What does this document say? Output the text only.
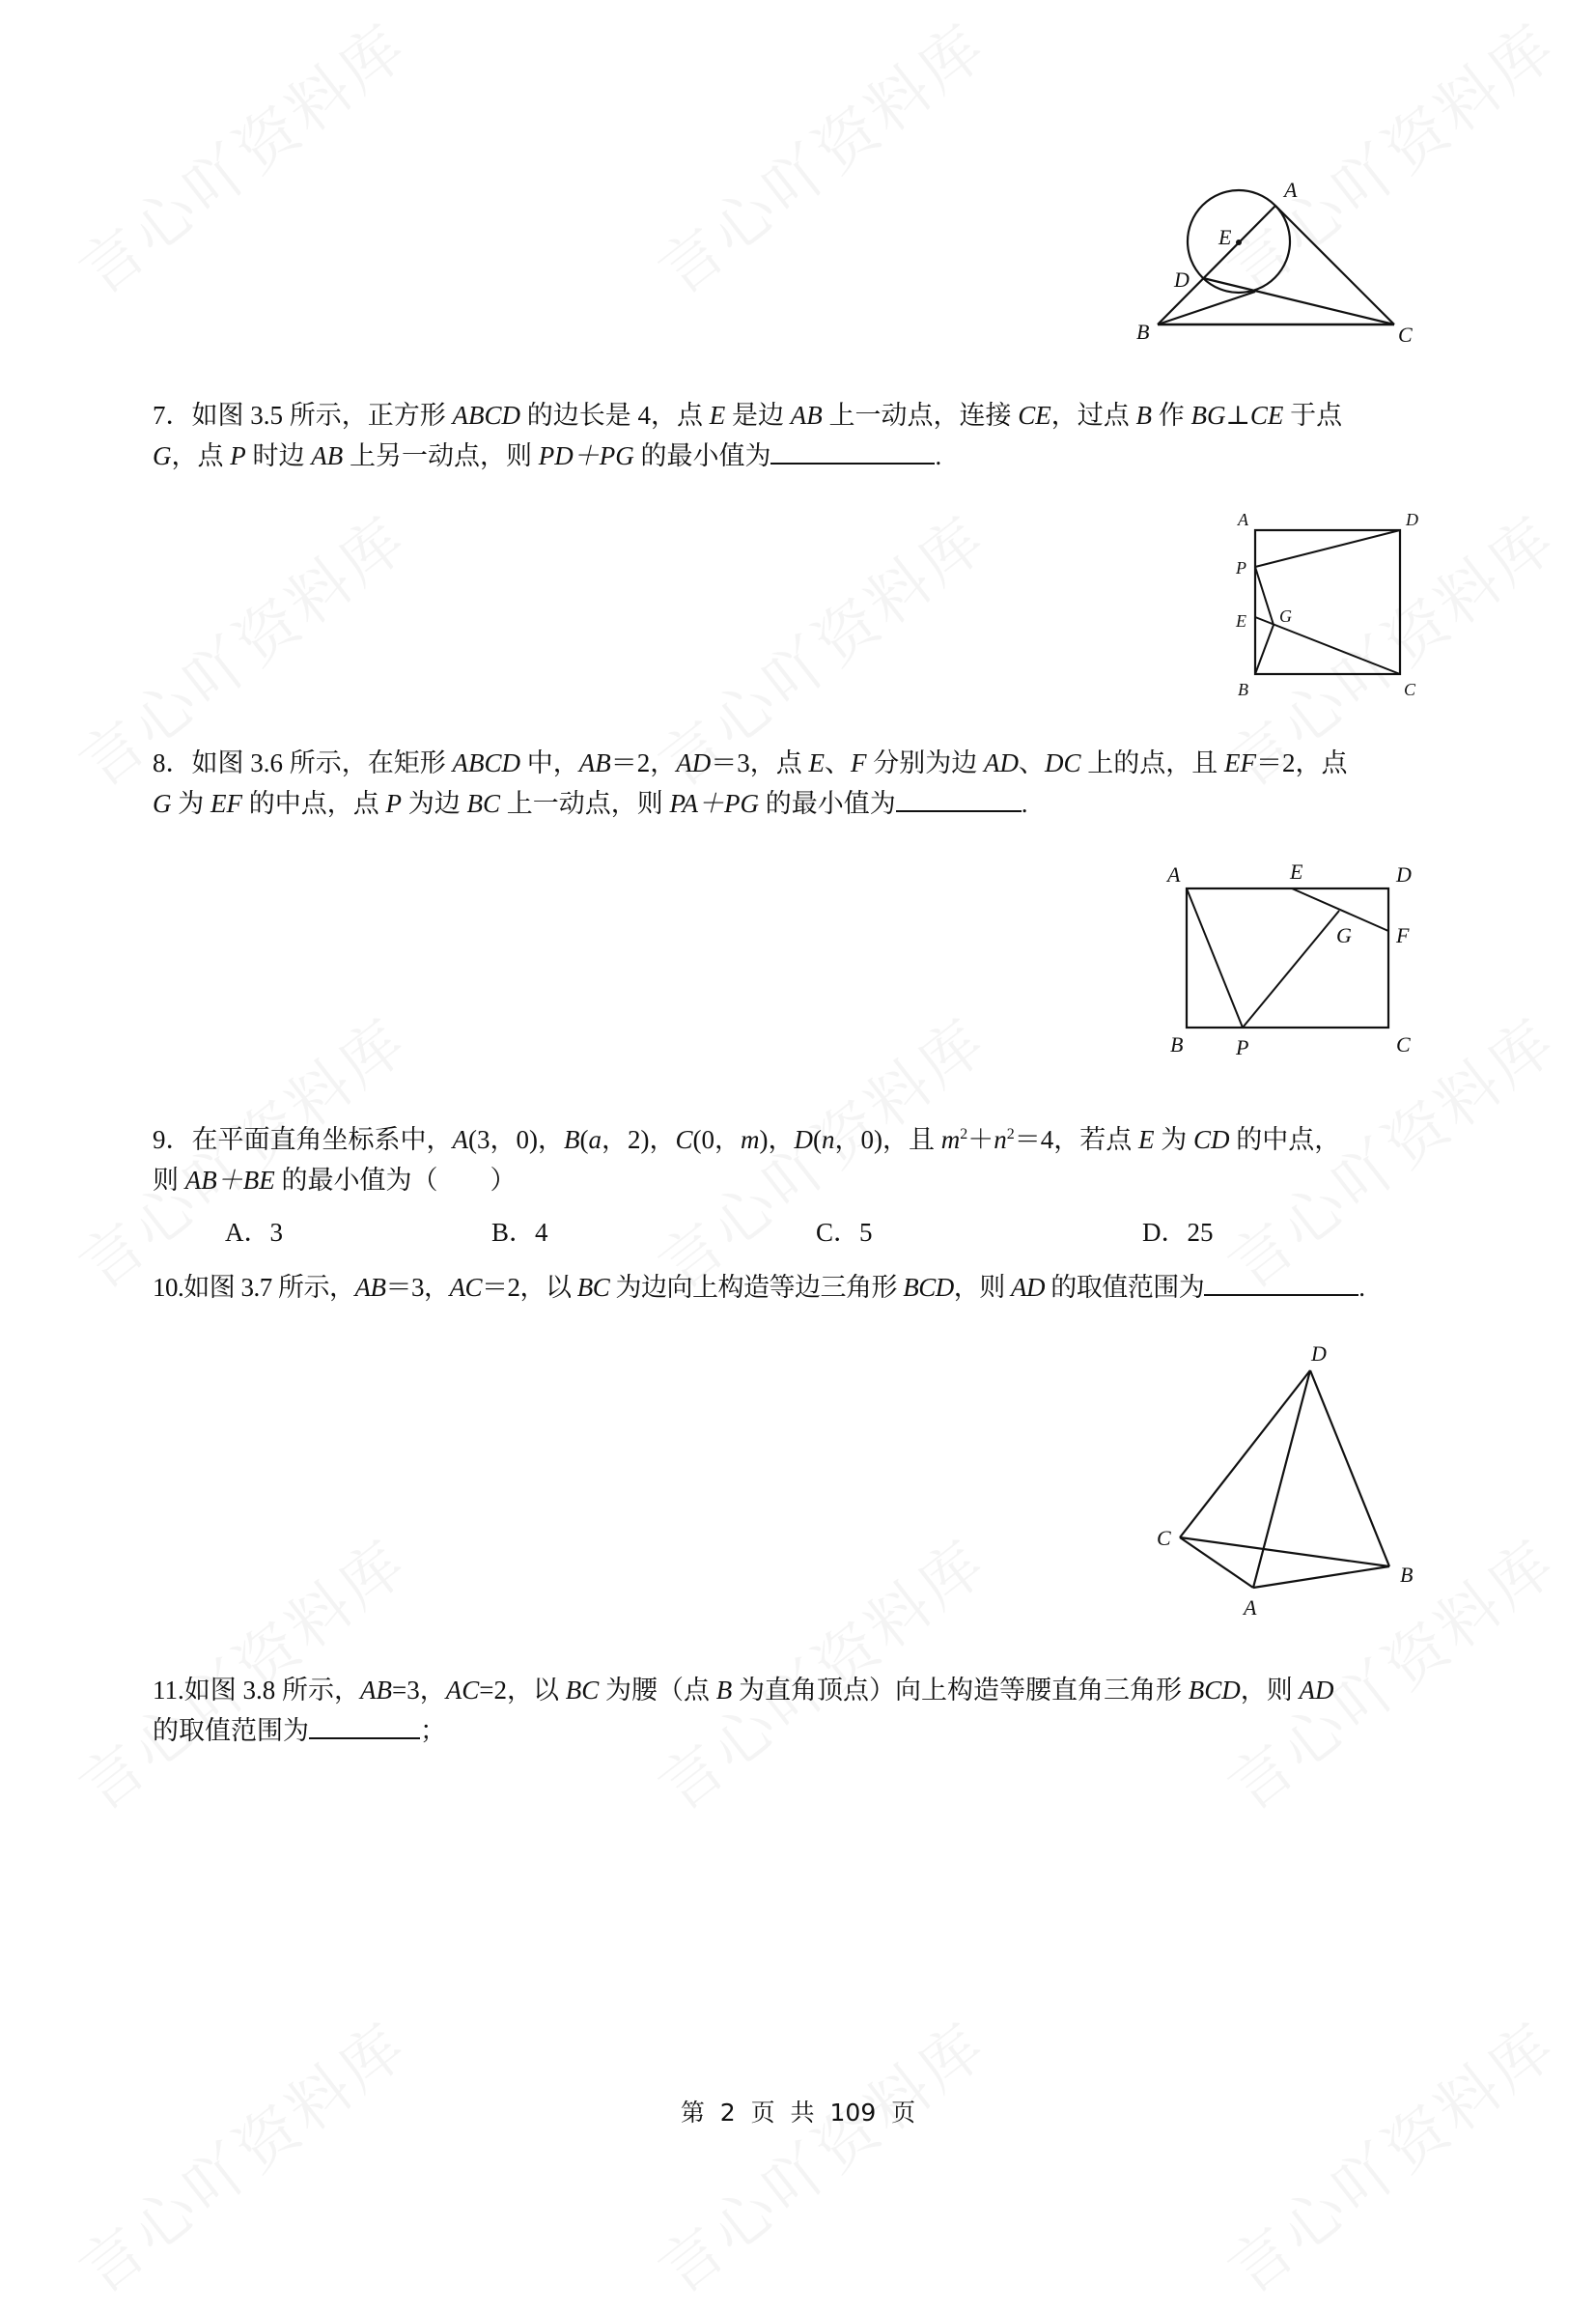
A
E
D
B	C
7．如图 3.5 所示，正方形 ABCD 的边长是 4，点 E 是边 AB 上一动点，连接 CE，过点 B 作 BG⊥CE 于点
G，点 P 时边 AB 上另一动点，则 PD＋PG 的最小值为	.
A	D
P
E G
B	C
8．如图 3.6 所示，在矩形 ABCD 中，AB＝2，AD＝3，点 E、F 分别为边 AD、DC 上的点，且 EF＝2，点
G 为 EF 的中点，点 P 为边 BC 上一动点，则 PA＋PG 的最小值为	.
A	E	D
G F
B P	C
9．在平面直角坐标系中，A(3，0)，B(a，2)，C(0，m)，D(n，0)，且 $m^2+n^2=4$，若点 E 为 CD 的中点，
则 AB＋BE 的最小值为（　　）
A．3	B．4	C．5	D．25
10.如图 3.7 所示，AB＝3，AC＝2，以 BC 为边向上构造等边三角形 BCD，则 AD 的取值范围为	.
D
C
B
A
11.如图 3.8 所示，AB=3，AC=2，以 BC 为腰（点 B 为直角顶点）向上构造等腰直角三角形 BCD，则 AD
的取值范围为	；
第 2 页 共 109 页
